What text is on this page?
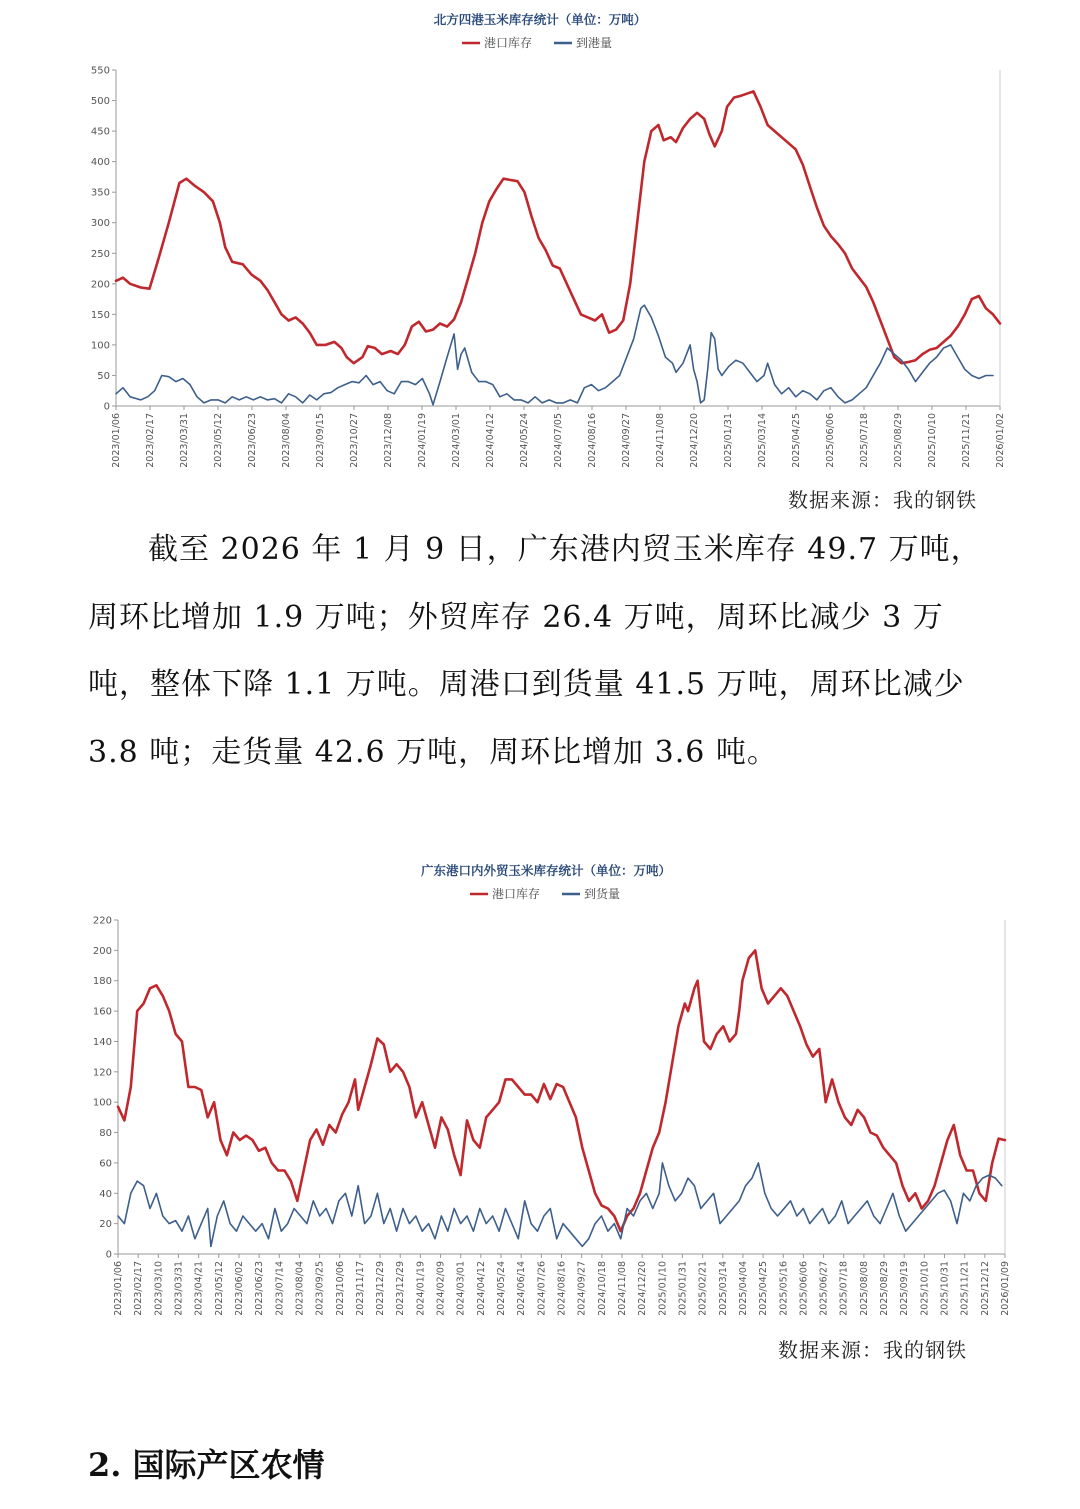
北方四港玉米库存统计（单位：万吨）
港口库存	到港量
0
50
100
150
200
250
300
350
400
450
500
550
2023/01/06 2023/02/17 2023/03/31 2023/05/12 2023/06/23 2023/08/04 2023/09/15 2023/10/27 2023/12/08 2024/01/19 2024/03/01 2024/04/12 2024/05/24 2024/07/05 2024/08/16 2024/09/27 2024/11/08 2024/12/20 2025/01/31 2025/03/14 2025/04/25 2025/06/06 2025/07/18 2025/08/29 2025/10/10 2025/11/21 2026/01/02
数据来源：我的钢铁

截至 2026 年 1 月 9 日，广东港内贸玉米库存 49.7 万吨，周环比增加 1.9 万吨；外贸库存 26.4 万吨，周环比减少 3 万吨，整体下降 1.1 万吨。周港口到货量 41.5 万吨，周环比减少 3.8 吨；走货量 42.6 万吨，周环比增加 3.6 吨。

广东港口内外贸玉米库存统计（单位：万吨）
港口库存	到货量
0
20
40
60
80
100
120
140
160
180
200
220
2023/01/06 2023/02/17 2023/03/10 2023/03/31 2023/04/21 2023/05/12 2023/06/02 2023/06/23 2023/07/14 2023/08/04 2023/09/25 2023/10/06 2023/11/17 2023/12/29 2023/12/29 2024/01/19 2024/02/09 2024/03/01 2024/04/12 2024/05/24 2024/06/14 2024/07/26 2024/08/16 2024/09/27 2024/10/18 2024/11/08 2024/12/20 2025/01/10 2025/01/31 2025/02/21 2025/03/14 2025/04/04 2025/04/25 2025/05/16 2025/06/06 2025/06/27 2025/07/18 2025/08/08 2025/08/29 2025/09/19 2025/10/10 2025/10/31 2025/11/21 2025/12/12 2026/01/09
数据来源：我的钢铁
2. 国际产区农情
